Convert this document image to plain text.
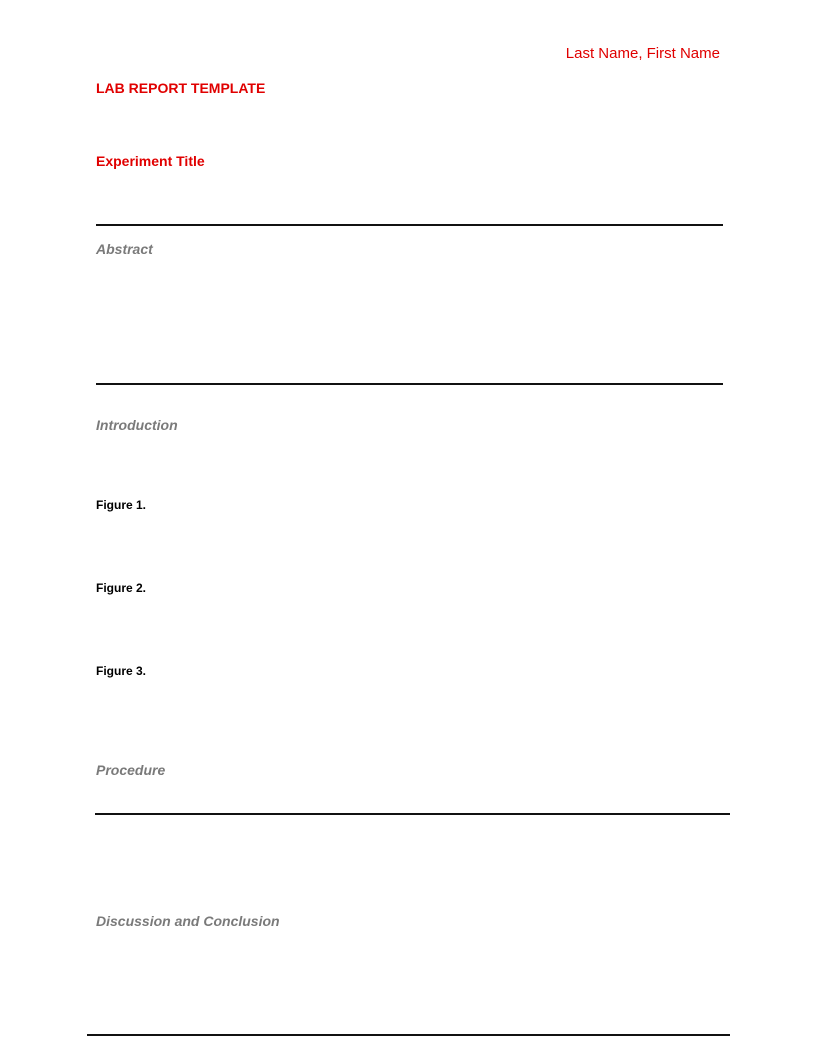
Last Name, First Name
LAB REPORT TEMPLATE
Experiment Title
Abstract
Introduction
Figure 1.
Figure 2.
Figure 3.
Procedure
Discussion and Conclusion
